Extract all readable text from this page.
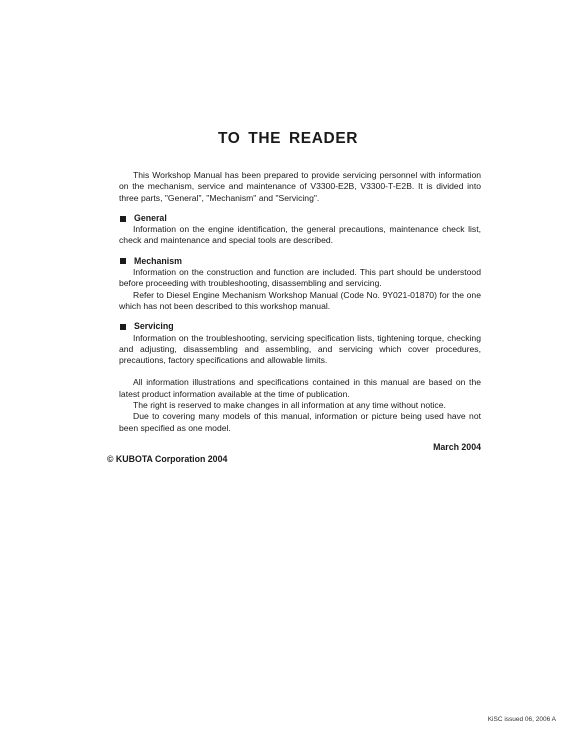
TO THE READER

This Workshop Manual has been prepared to provide servicing personnel with information on the mechanism, service and maintenance of V3300-E2B, V3300-T-E2B. It is divided into three parts, "General", "Mechanism" and "Servicing".

General

Information on the engine identification, the general precautions, maintenance check list, check and maintenance and special tools are described.

Mechanism

Information on the construction and function are included. This part should be understood before proceeding with troubleshooting, disassembling and servicing.

Refer to Diesel Engine Mechanism Workshop Manual (Code No. 9Y021-01870) for the one which has not been described to this workshop manual.

Servicing

Information on the troubleshooting, servicing specification lists, tightening torque, checking and adjusting, disassembling and assembling, and servicing which cover procedures, precautions, factory specifications and allowable limits.

All information illustrations and specifications contained in this manual are based on the latest product information available at the time of publication.

The right is reserved to make changes in all information at any time without notice.

Due to covering many models of this manual, information or picture being used have not been specified as one model.

March 2004
© KUBOTA Corporation 2004
KiSC issued 06, 2006 A
